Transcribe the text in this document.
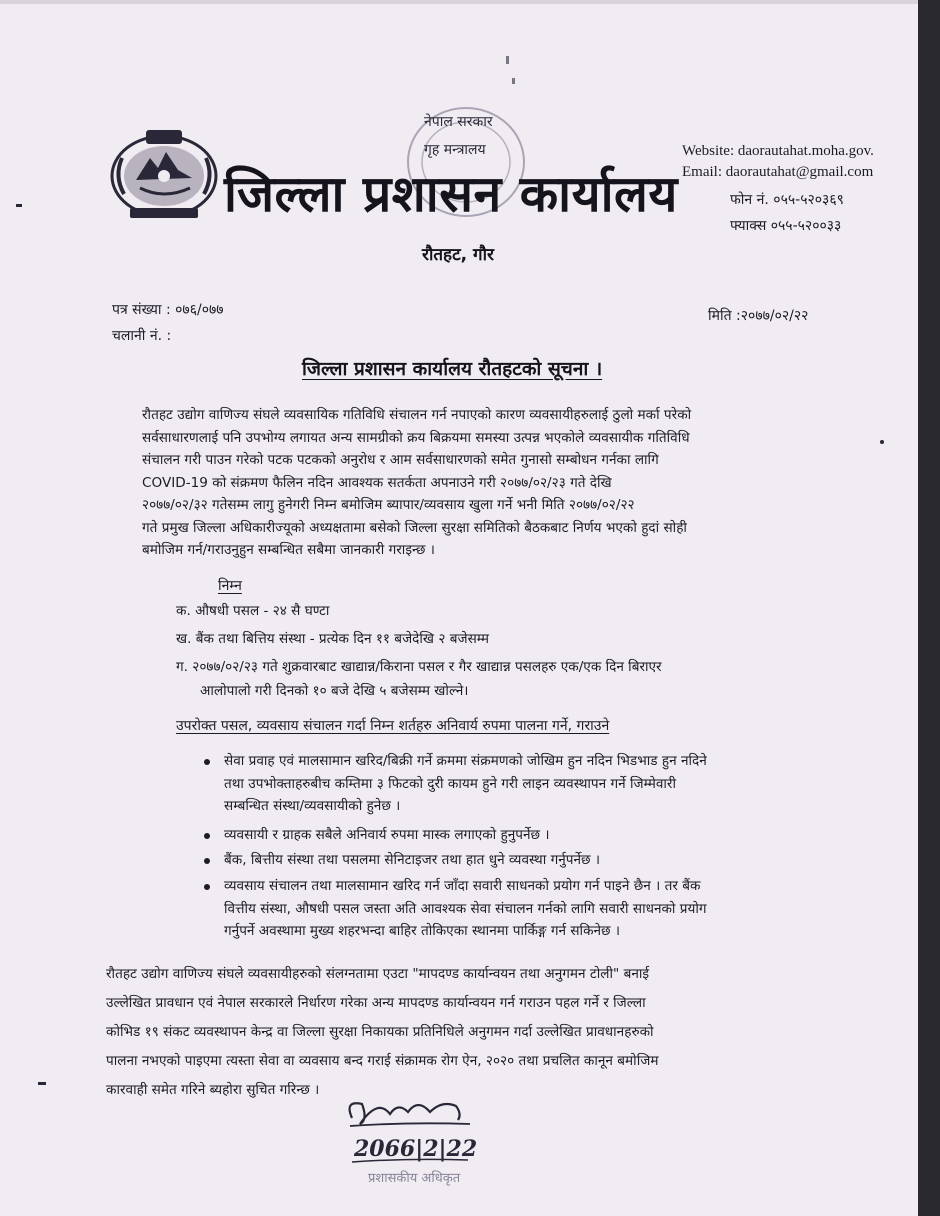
नेपाल सरकार
गृह मन्त्रालय
जिल्ला प्रशासन कार्यालय
रौतहट, गौर
Website: daorautahat.moha.gov.
Email: daorautahat@gmail.com
फोन नं. ०५५-५२०३६९
फ्याक्स ०५५-५२००३३
पत्र संख्या : ०७६/०७७
चलानी नं. :
मिति :२०७७/०२/२२
जिल्ला प्रशासन कार्यालय रौतहटको सूचना ।
रौतहट उद्योग वाणिज्य संघले व्यवसायिक गतिविधि संचालन गर्न नपाएको कारण व्यवसायीहरुलाई ठुलो मर्का परेको
सर्वसाधारणलाई पनि उपभोग्य लगायत अन्य सामग्रीको क्रय बिक्रयमा समस्या उत्पन्न भएकोले व्यवसायीक गतिविधि
संचालन गरी पाउन गरेको पटक पटकको अनुरोध र आम सर्वसाधारणको समेत गुनासो सम्बोधन गर्नका लागि
COVID-19 को संक्रमण फैलिन नदिन आवश्यक सतर्कता अपनाउने गरी २०७७/०२/२३ गते देखि
२०७७/०२/३२ गतेसम्म लागु हुनेगरी निम्न बमोजिम ब्यापार/व्यवसाय खुला गर्ने भनी मिति २०७७/०२/२२
गते प्रमुख जिल्ला अधिकारीज्यूको अध्यक्षतामा बसेको जिल्ला सुरक्षा समितिको बैठकबाट निर्णय भएको हुदां सोही
बमोजिम गर्न/गराउनुहुन सम्बन्धित सबैमा जानकारी गराइन्छ ।
निम्न
क. औषधी पसल - २४ सै घण्टा
ख. बैंक तथा बित्तिय संस्था - प्रत्येक दिन ११ बजेदेखि २ बजेसम्म
ग. २०७७/०२/२३ गते शुक्रवारबाट खाद्यान्न/किराना पसल र गैर खाद्यान्न पसलहरु एक/एक दिन बिराएर
आलोपालो गरी दिनको १० बजे देखि ५ बजेसम्म खोल्ने।
उपरोक्त पसल, व्यवसाय संचालन गर्दा निम्न शर्तहरु अनिवार्य रुपमा पालना गर्ने, गराउने
सेवा प्रवाह एवं मालसामान खरिद/बिक्री गर्ने क्रममा संक्रमणको जोखिम हुन नदिन भिडभाड हुन नदिने
तथा उपभोक्ताहरुबीच कम्तिमा ३ फिटको दुरी कायम हुने गरी लाइन व्यवस्थापन गर्ने जिम्मेवारी
सम्बन्धित संस्था/व्यवसायीको हुनेछ ।
व्यवसायी र ग्राहक सबैले अनिवार्य रुपमा मास्क लगाएको हुनुपर्नेछ ।
बैंक, बित्तीय संस्था तथा पसलमा सेनिटाइजर तथा हात धुने व्यवस्था गर्नुपर्नेछ ।
व्यवसाय संचालन तथा मालसामान खरिद गर्न जाँदा सवारी साधनको प्रयोग गर्न पाइने छैन । तर बैंक
वित्तीय संस्था, औषधी पसल जस्ता अति आवश्यक सेवा संचालन गर्नको लागि सवारी साधनको प्रयोग
गर्नुपर्ने अवस्थामा मुख्य शहरभन्दा बाहिर तोकिएका स्थानमा पार्किङ्ग गर्न सकिनेछ ।
रौतहट उद्योग वाणिज्य संघले व्यवसायीहरुको संलग्नतामा एउटा "मापदण्ड कार्यान्वयन तथा अनुगमन टोली" बनाई
उल्लेखित प्रावधान एवं नेपाल सरकारले निर्धारण गरेका अन्य मापदण्ड कार्यान्वयन गर्न गराउन पहल गर्ने र जिल्ला
कोभिड १९ संकट व्यवस्थापन केन्द्र वा जिल्ला सुरक्षा निकायका प्रतिनिधिले अनुगमन गर्दा उल्लेखित प्रावधानहरुको
पालना नभएको पाइएमा त्यस्ता सेवा वा व्यवसाय बन्द गराई संक्रामक रोग ऐन, २०२० तथा प्रचलित कानून बमोजिम
कारवाही समेत गरिने ब्यहोरा सुचित गरिन्छ ।
2066|2|22
प्रशासकीय अधिकृत
